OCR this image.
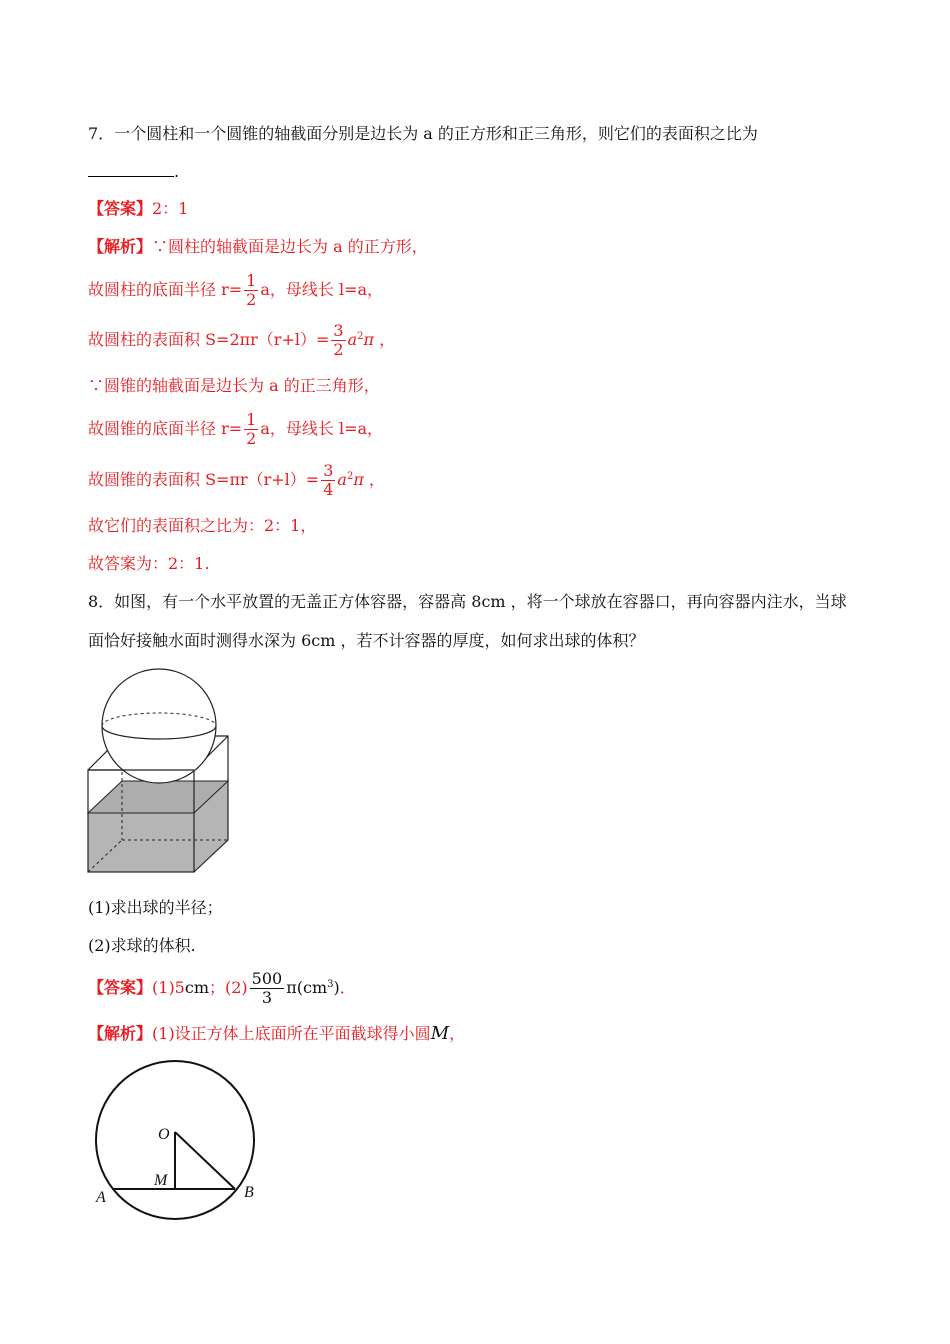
7．一个圆柱和一个圆锥的轴截面分别是边长为 a 的正方形和正三角形，则它们的表面积之比为
.
【答案】2：1
【解析】∵圆柱的轴截面是边长为 a 的正方形，
故圆柱的底面半径 $r= \frac{1}{2}$ a，母线长 l=a，
故圆柱的表面积 $S=2\pi r(r+l)= \frac{3}{2} a^2\pi$ ，
∵圆锥的轴截面是边长为 a 的正三角形，
故圆锥的底面半径 $r= \frac{1}{2}$ a，母线长 l=a，
故圆锥的表面积 $S=\pi r(r+l)= \frac{3}{4} a^2\pi$ ，
故它们的表面积之比为：2：1，
故答案为：2：1.
8．如图，有一个水平放置的无盖正方体容器，容器高 8cm ，将一个球放在容器口，再向容器内注水，当球
面恰好接触水面时测得水深为 6cm ，若不计容器的厚度，如何求出球的体积？
(1)求出球的半径；
(2)求球的体积.
【答案】(1)5cm；$(2) \frac{500}{3} \pi(cm^3)$．
【解析】(1)设正方体上底面所在平面截球得小圆M，
O
M
A	B
